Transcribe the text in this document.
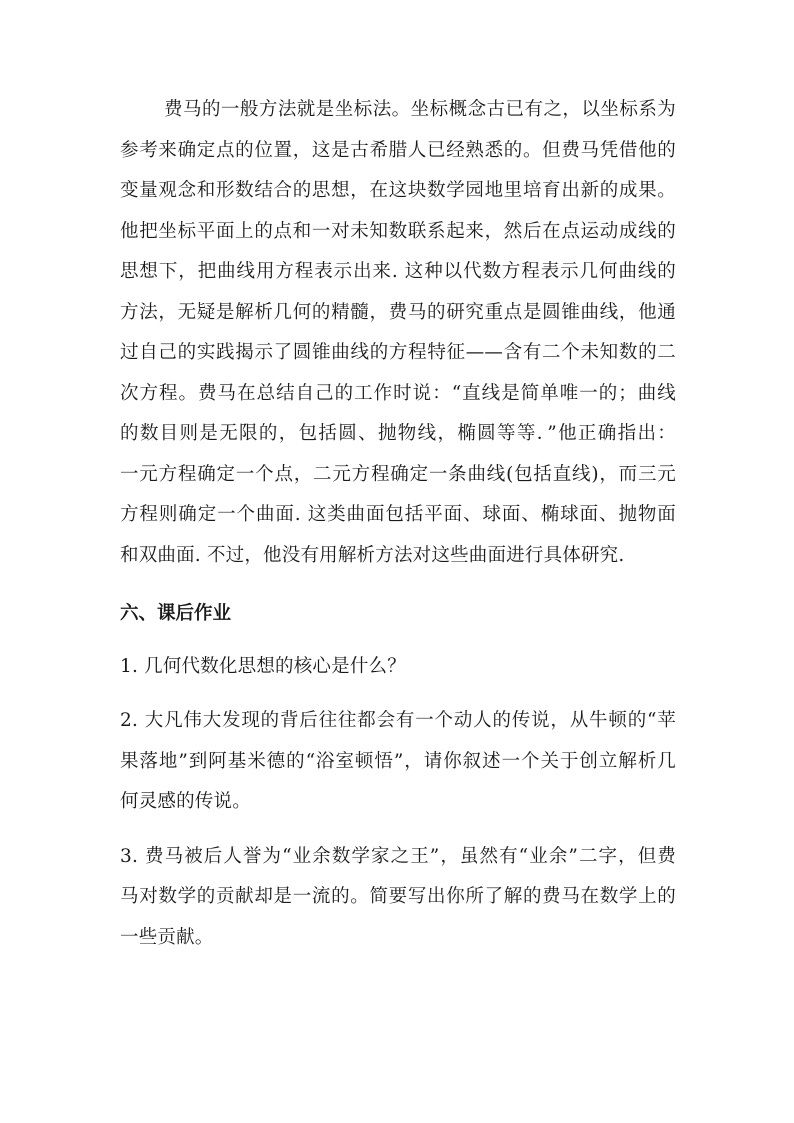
费马的一般方法就是坐标法。坐标概念古已有之，以坐标系为
参考来确定点的位置，这是古希腊人已经熟悉的。但费马凭借他的
变量观念和形数结合的思想，在这块数学园地里培育出新的成果。
他把坐标平面上的点和一对未知数联系起来，然后在点运动成线的
思想下，把曲线用方程表示出来. 这种以代数方程表示几何曲线的
方法，无疑是解析几何的精髓，费马的研究重点是圆锥曲线，他通
过自己的实践揭示了圆锥曲线的方程特征——含有二个未知数的二
次方程。费马在总结自己的工作时说：“直线是简单唯一的；曲线
的数目则是无限的，包括圆、抛物线，椭圆等等．”他正确指出：
一元方程确定一个点，二元方程确定一条曲线(包括直线)，而三元
方程则确定一个曲面. 这类曲面包括平面、球面、椭球面、抛物面
和双曲面. 不过，他没有用解析方法对这些曲面进行具体研究.
六、课后作业
1. 几何代数化思想的核心是什么？
2. 大凡伟大发现的背后往往都会有一个动人的传说，从牛顿的“苹
果落地”到阿基米德的“浴室顿悟”，请你叙述一个关于创立解析几
何灵感的传说。
3. 费马被后人誉为“业余数学家之王”，虽然有“业余”二字，但费
马对数学的贡献却是一流的。简要写出你所了解的费马在数学上的
一些贡献。
